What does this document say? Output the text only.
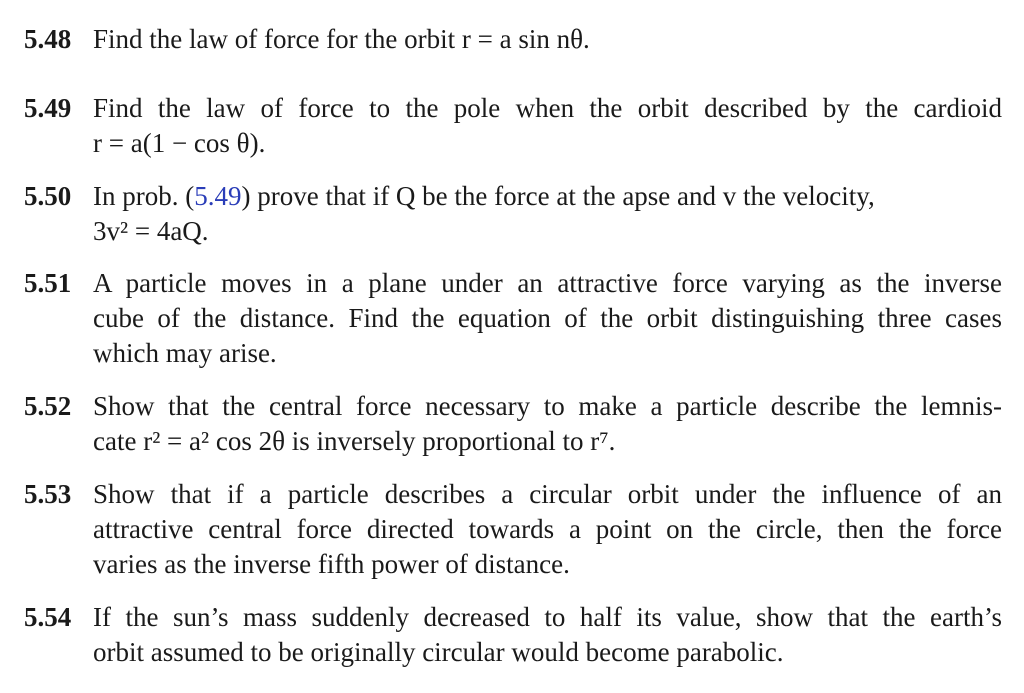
5.48 Find the law of force for the orbit r = a sin nθ.
5.49 Find the law of force to the pole when the orbit described by the cardioid
r = a(1 − cos θ).
5.50 In prob. (5.49) prove that if Q be the force at the apse and v the velocity,
3v² = 4aQ.
5.51 A particle moves in a plane under an attractive force varying as the inverse
cube of the distance. Find the equation of the orbit distinguishing three cases
which may arise.
5.52 Show that the central force necessary to make a particle describe the lemnis-
cate r² = a² cos 2θ is inversely proportional to r⁷.
5.53 Show that if a particle describes a circular orbit under the influence of an
attractive central force directed towards a point on the circle, then the force
varies as the inverse fifth power of distance.
5.54 If the sun’s mass suddenly decreased to half its value, show that the earth’s
orbit assumed to be originally circular would become parabolic.
